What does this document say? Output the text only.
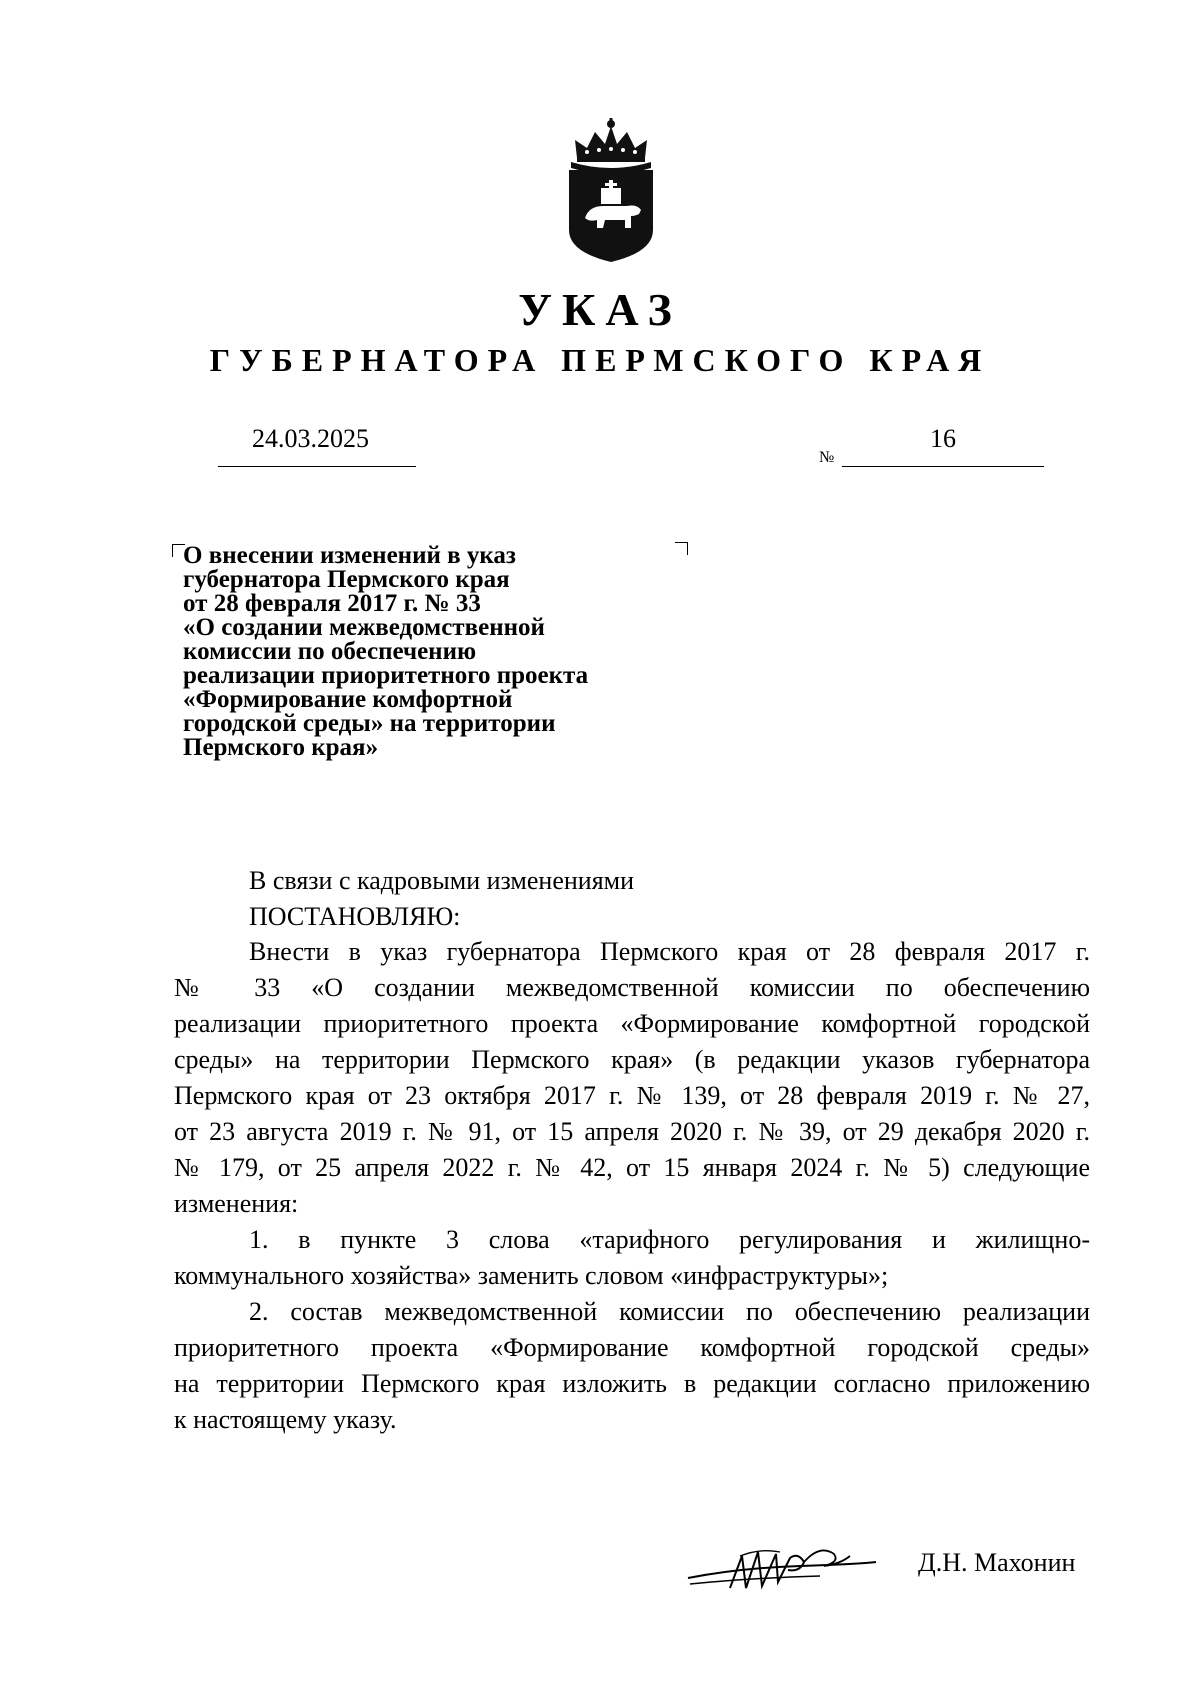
УКАЗ
ГУБЕРНАТОРА ПЕРМСКОГО КРАЯ
24.03.2025
№
16
О внесении изменений в указ
губернатора Пермского края
от 28 февраля 2017 г. № 33
«О создании межведомственной
комиссии по обеспечению
реализации приоритетного проекта
«Формирование комфортной
городской среды» на территории
Пермского края»
В связи с кадровыми изменениями
ПОСТАНОВЛЯЮ:
Внести в указ губернатора Пермского края от 28 февраля 2017 г.
№ 33 «О создании межведомственной комиссии по обеспечению
реализации приоритетного проекта «Формирование комфортной городской
среды» на территории Пермского края» (в редакции указов губернатора
Пермского края от 23 октября 2017 г. № 139, от 28 февраля 2019 г. № 27,
от 23 августа 2019 г. № 91, от 15 апреля 2020 г. № 39, от 29 декабря 2020 г.
№ 179, от 25 апреля 2022 г. № 42, от 15 января 2024 г. № 5) следующие
изменения:
1. в пункте 3 слова «тарифного регулирования и жилищно-
коммунального хозяйства» заменить словом «инфраструктуры»;
2. состав межведомственной комиссии по обеспечению реализации
приоритетного проекта «Формирование комфортной городской среды»
на территории Пермского края изложить в редакции согласно приложению
к настоящему указу.
Д.Н. Махонин
